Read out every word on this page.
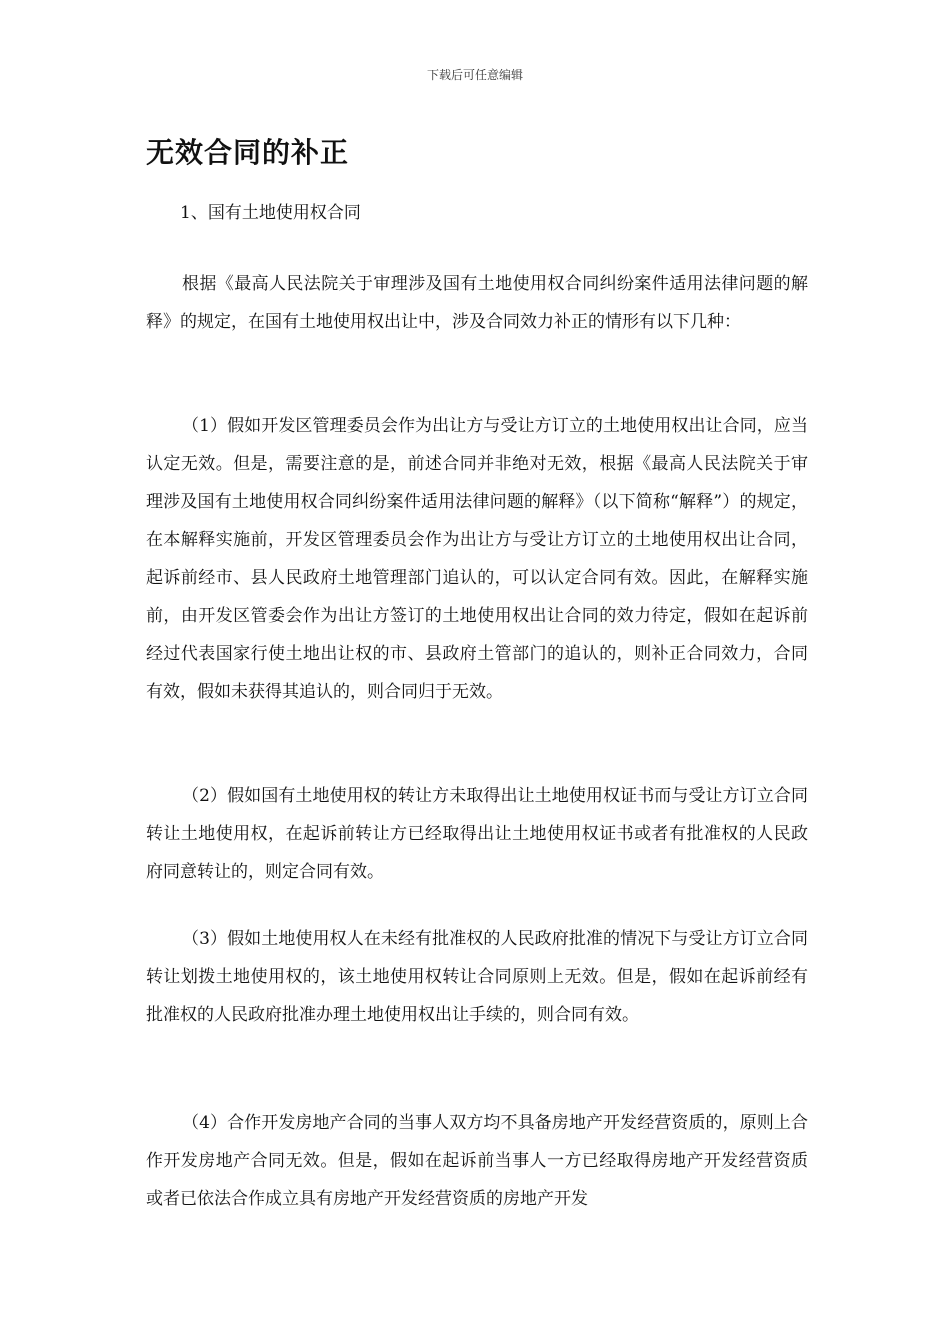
下载后可任意编辑
无效合同的补正
1、国有土地使用权合同

根据《最高人民法院关于审理涉及国有土地使用权合同纠纷案件适用法律问题的解释》的规定，在国有土地使用权出让中，涉及合同效力补正的情形有以下几种：

（1）假如开发区管理委员会作为出让方与受让方订立的土地使用权出让合同，应当认定无效。但是，需要注意的是，前述合同并非绝对无效，根据《最高人民法院关于审理涉及国有土地使用权合同纠纷案件适用法律问题的解释》（以下简称“解释”）的规定，在本解释实施前，开发区管理委员会作为出让方与受让方订立的土地使用权出让合同，起诉前经市、县人民政府土地管理部门追认的，可以认定合同有效。因此，在解释实施前，由开发区管委会作为出让方签订的土地使用权出让合同的效力待定，假如在起诉前经过代表国家行使土地出让权的市、县政府土管部门的追认的，则补正合同效力，合同有效，假如未获得其追认的，则合同归于无效。

（2）假如国有土地使用权的转让方未取得出让土地使用权证书而与受让方订立合同转让土地使用权，在起诉前转让方已经取得出让土地使用权证书或者有批准权的人民政府同意转让的，则定合同有效。

（3）假如土地使用权人在未经有批准权的人民政府批准的情况下与受让方订立合同转让划拨土地使用权的，该土地使用权转让合同原则上无效。但是，假如在起诉前经有批准权的人民政府批准办理土地使用权出让手续的，则合同有效。

（4）合作开发房地产合同的当事人双方均不具备房地产开发经营资质的，原则上合作开发房地产合同无效。但是，假如在起诉前当事人一方已经取得房地产开发经营资质或者已依法合作成立具有房地产开发经营资质的房地产开发
